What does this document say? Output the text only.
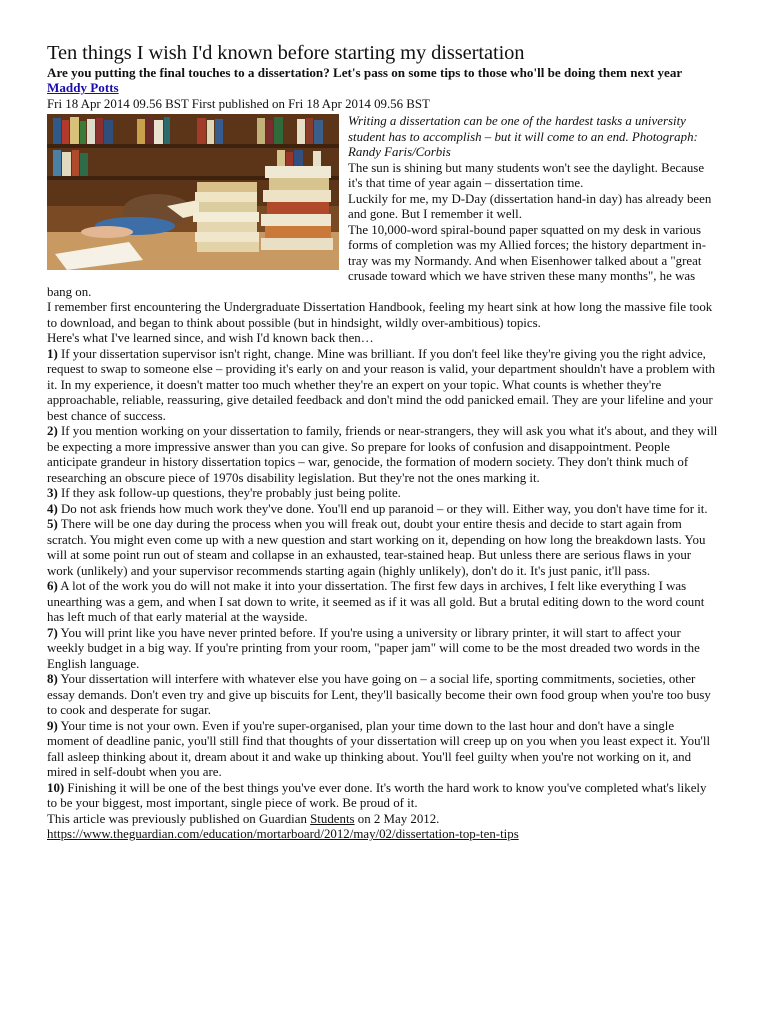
Ten things I wish I'd known before starting my dissertation

Are you putting the final touches to a dissertation? Let's pass on some tips to those who'll be doing them next year

Maddy Potts

Fri 18 Apr 2014 09.56 BST First published on Fri 18 Apr 2014 09.56 BST

Writing a dissertation can be one of the hardest tasks a university student has to accomplish – but it will come to an end. Photograph: Randy Faris/Corbis

The sun is shining but many students won't see the daylight. Because it's that time of year again – dissertation time.

Luckily for me, my D-Day (dissertation hand-in day) has already been and gone. But I remember it well.

The 10,000-word spiral-bound paper squatted on my desk in various forms of completion was my Allied forces; the history department in-tray was my Normandy. And when Eisenhower talked about a "great crusade toward which we have striven these many months", he was bang on.

I remember first encountering the Undergraduate Dissertation Handbook, feeling my heart sink at how long the massive file took to download, and began to think about possible (but in hindsight, wildly over-ambitious) topics.

Here's what I've learned since, and wish I'd known back then…

1) If your dissertation supervisor isn't right, change. Mine was brilliant. If you don't feel like they're giving you the right advice, request to swap to someone else – providing it's early on and your reason is valid, your department shouldn't have a problem with it. In my experience, it doesn't matter too much whether they're an expert on your topic. What counts is whether they're approachable, reliable, reassuring, give detailed feedback and don't mind the odd panicked email. They are your lifeline and your best chance of success.

2) If you mention working on your dissertation to family, friends or near-strangers, they will ask you what it's about, and they will be expecting a more impressive answer than you can give. So prepare for looks of confusion and disappointment. People anticipate grandeur in history dissertation topics – war, genocide, the formation of modern society. They don't think much of researching an obscure piece of 1970s disability legislation. But they're not the ones marking it.

3) If they ask follow-up questions, they're probably just being polite.

4) Do not ask friends how much work they've done. You'll end up paranoid – or they will. Either way, you don't have time for it.

5) There will be one day during the process when you will freak out, doubt your entire thesis and decide to start again from scratch. You might even come up with a new question and start working on it, depending on how long the breakdown lasts. You will at some point run out of steam and collapse in an exhausted, tear-stained heap. But unless there are serious flaws in your work (unlikely) and your supervisor recommends starting again (highly unlikely), don't do it. It's just panic, it'll pass.

6) A lot of the work you do will not make it into your dissertation. The first few days in archives, I felt like everything I was unearthing was a gem, and when I sat down to write, it seemed as if it was all gold. But a brutal editing down to the word count has left much of that early material at the wayside.

7) You will print like you have never printed before. If you're using a university or library printer, it will start to affect your weekly budget in a big way. If you're printing from your room, "paper jam" will come to be the most dreaded two words in the English language.

8) Your dissertation will interfere with whatever else you have going on – a social life, sporting commitments, societies, other essay demands. Don't even try and give up biscuits for Lent, they'll basically become their own food group when you're too busy to cook and desperate for sugar.

9) Your time is not your own. Even if you're super-organised, plan your time down to the last hour and don't have a single moment of deadline panic, you'll still find that thoughts of your dissertation will creep up on you when you least expect it. You'll fall asleep thinking about it, dream about it and wake up thinking about. You'll feel guilty when you're not working on it, and mired in self-doubt when you are.

10) Finishing it will be one of the best things you've ever done. It's worth the hard work to know you've completed what's likely to be your biggest, most important, single piece of work. Be proud of it.

This article was previously published on Guardian Students on 2 May 2012.

https://www.theguardian.com/education/mortarboard/2012/may/02/dissertation-top-ten-tips
